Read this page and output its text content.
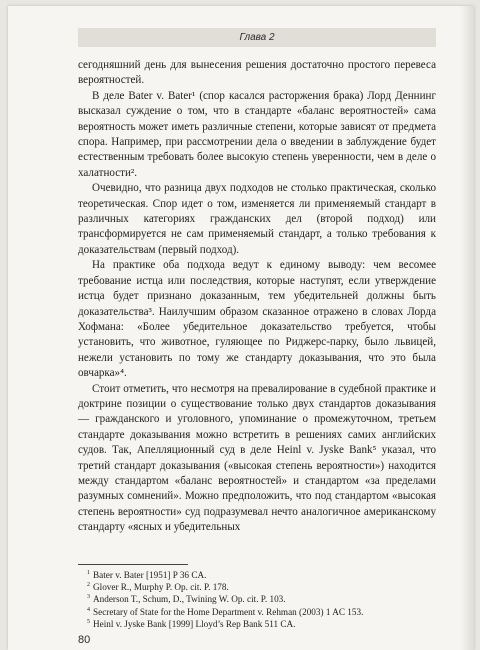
Глава 2

сегодняшний день для вынесения решения достаточно простого перевеса вероятностей.

В деле Bater v. Bater¹ (спор касался расторжения брака) Лорд Деннинг высказал суждение о том, что в стандарте «баланс вероятностей» сама вероятность может иметь различные степени, которые зависят от предмета спора. Например, при рассмотрении дела о введении в заблуждение будет естественным требовать более высокую степень уверенности, чем в деле о халатности².

Очевидно, что разница двух подходов не столько практическая, сколько теоретическая. Спор идет о том, изменяется ли применяемый стандарт в различных категориях гражданских дел (второй подход) или трансформируется не сам применяемый стандарт, а только требования к доказательствам (первый подход).

На практике оба подхода ведут к единому выводу: чем весомее требование истца или последствия, которые наступят, если утверждение истца будет признано доказанным, тем убедительней должны быть доказательства³. Наилучшим образом сказанное отражено в словах Лорда Хофмана: «Более убедительное доказательство требуется, чтобы установить, что животное, гуляющее по Риджерс-парку, было львицей, нежели установить по тому же стандарту доказывания, что это была овчарка»⁴.

Стоит отметить, что несмотря на превалирование в судебной практике и доктрине позиции о существование только двух стандартов доказывания — гражданского и уголовного, упоминание о промежуточном, третьем стандарте доказывания можно встретить в решениях самих английских судов. Так, Апелляционный суд в деле Heinl v. Jyske Bank⁵ указал, что третий стандарт доказывания («высокая степень вероятности») находится между стандартом «баланс вероятностей» и стандартом «за пределами разумных сомнений». Можно предположить, что под стандартом «высокая степень вероятности» суд подразумевал нечто аналогичное американскому стандарту «ясных и убедительных

$^1$ Bater v. Bater [1951] P 36 CA.
$^2$ Glover R., Murphy P. Op. cit. P. 178.
$^3$ Anderson T., Schum, D., Twining W. Op. cit. P. 103.
$^4$ Secretary of State for the Home Department v. Rehman (2003) 1 AC 153.
$^5$ Heinl v. Jyske Bank [1999] Lloyd’s Rep Bank 511 CA.
80
